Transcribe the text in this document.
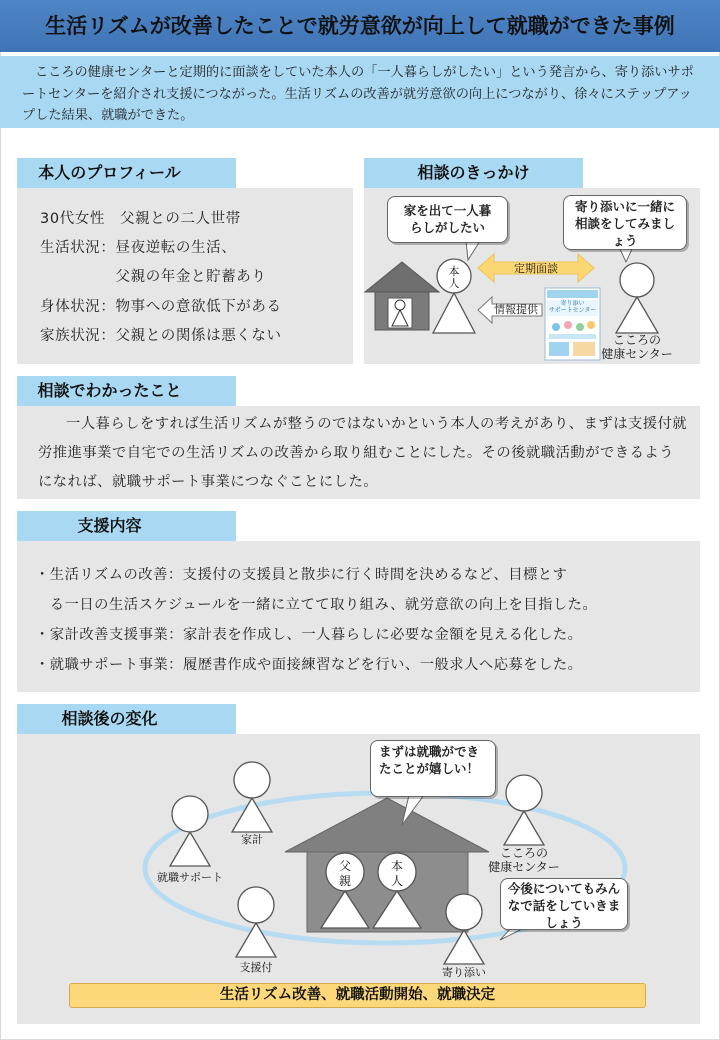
生活リズムが改善したことで就労意欲が向上して就職ができた事例
こころの健康センターと定期的に面談をしていた本人の「一人暮らしがしたい」という発言から、寄り添いサポートセンターを紹介され支援につながった。生活リズムの改善が就労意欲の向上につながり、徐々にステップアップした結果、就職ができた。
本人のプロフィール
30代女性　父親との二人世帯
生活状況：昼夜逆転の生活、
　　　　　父親の年金と貯蓄あり
身体状況：物事への意欲低下がある
家族状況：父親との関係は悪くない
相談のきっかけ
家を出て一人暮らしがしたい
寄り添いに一緒に相談をしてみましょう
本人
定期面談
情報提供	寄り添い
サポートセンター
こころの
健康センター
相談でわかったこと
一人暮らしをすれば生活リズムが整うのではないかという本人の考えがあり、まずは支援付就労推進事業で自宅での生活リズムの改善から取り組むことにした。その後就職活動ができるようになれば、就職サポート事業につなぐことにした。
支援内容
・生活リズムの改善：支援付の支援員と散歩に行く時間を決めるなど、目標とす
　る一日の生活スケジュールを一緒に立てて取り組み、就労意欲の向上を目指した。
・家計改善支援事業：家計表を作成し、一人暮らしに必要な金額を見える化した。
・就職サポート事業：履歴書作成や面接練習などを行い、一般求人へ応募をした。
相談後の変化
まずは就職ができたことが嬉しい！
今後についてもみんなで話をしていきましょう
父親
本人
家計
就職サポート
支援付
こころの
健康センター
寄り添い
生活リズム改善、就職活動開始、就職決定
